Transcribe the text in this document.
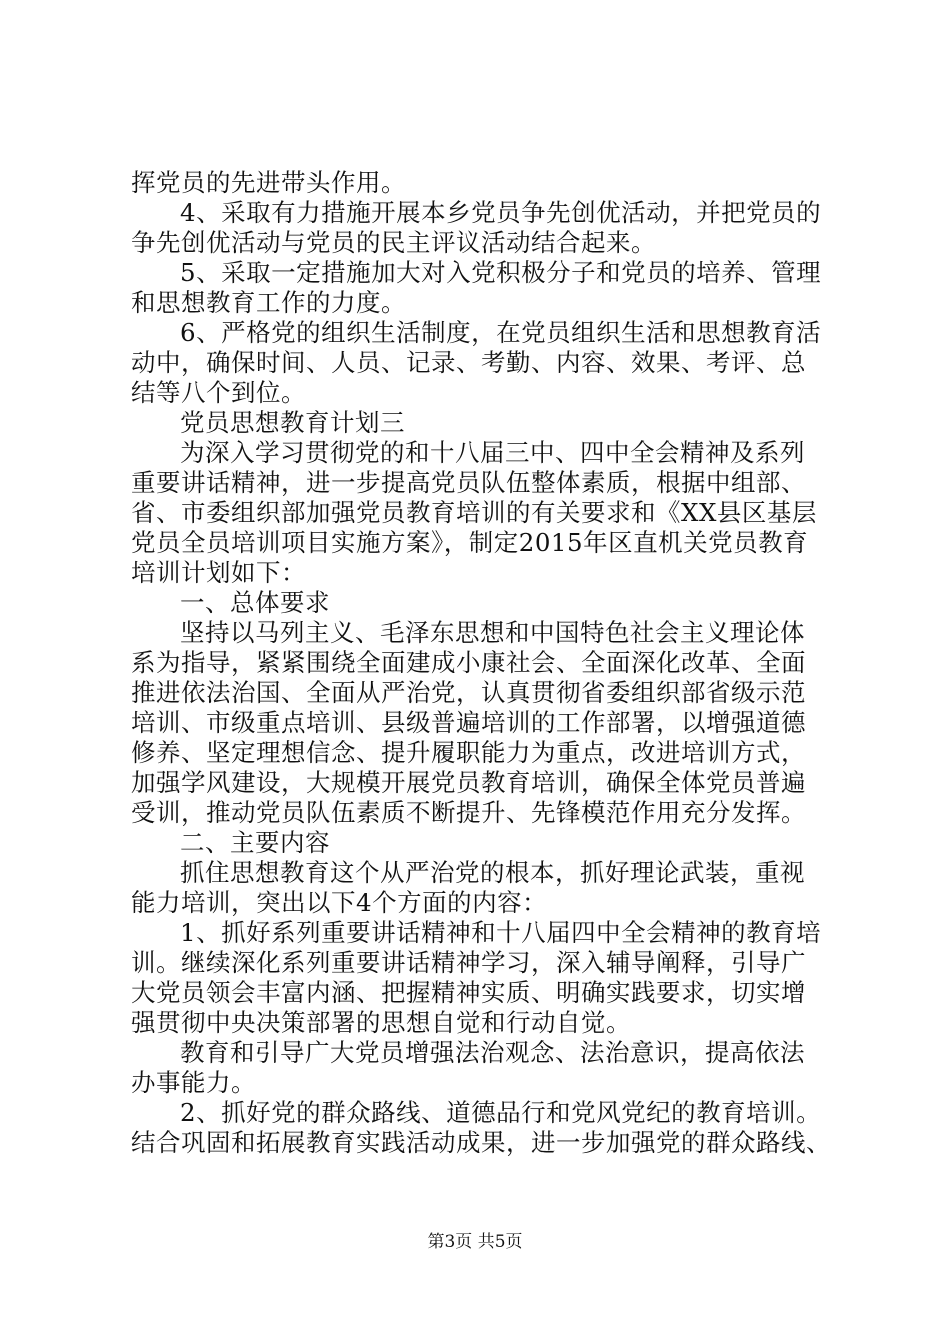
挥党员的先进带头作用。
4、采取有力措施开展本乡党员争先创优活动，并把党员的
争先创优活动与党员的民主评议活动结合起来。
5、采取一定措施加大对入党积极分子和党员的培养、管理
和思想教育工作的力度。
6、严格党的组织生活制度，在党员组织生活和思想教育活
动中，确保时间、人员、记录、考勤、内容、效果、考评、总
结等八个到位。
党员思想教育计划三
为深入学习贯彻党的和十八届三中、四中全会精神及系列
重要讲话精神，进一步提高党员队伍整体素质，根据中组部、
省、市委组织部加强党员教育培训的有关要求和《XX县区基层
党员全员培训项目实施方案》，制定2015年区直机关党员教育
培训计划如下：
一、总体要求
坚持以马列主义、毛泽东思想和中国特色社会主义理论体
系为指导，紧紧围绕全面建成小康社会、全面深化改革、全面
推进依法治国、全面从严治党，认真贯彻省委组织部省级示范
培训、市级重点培训、县级普遍培训的工作部署，以增强道德
修养、坚定理想信念、提升履职能力为重点，改进培训方式，
加强学风建设，大规模开展党员教育培训，确保全体党员普遍
受训，推动党员队伍素质不断提升、先锋模范作用充分发挥。
二、主要内容
抓住思想教育这个从严治党的根本，抓好理论武装，重视
能力培训，突出以下4个方面的内容：
1、抓好系列重要讲话精神和十八届四中全会精神的教育培
训。继续深化系列重要讲话精神学习，深入辅导阐释，引导广
大党员领会丰富内涵、把握精神实质、明确实践要求，切实增
强贯彻中央决策部署的思想自觉和行动自觉。
教育和引导广大党员增强法治观念、法治意识，提高依法
办事能力。
2、抓好党的群众路线、道德品行和党风党纪的教育培训。
结合巩固和拓展教育实践活动成果，进一步加强党的群众路线、
第3页 共5页
